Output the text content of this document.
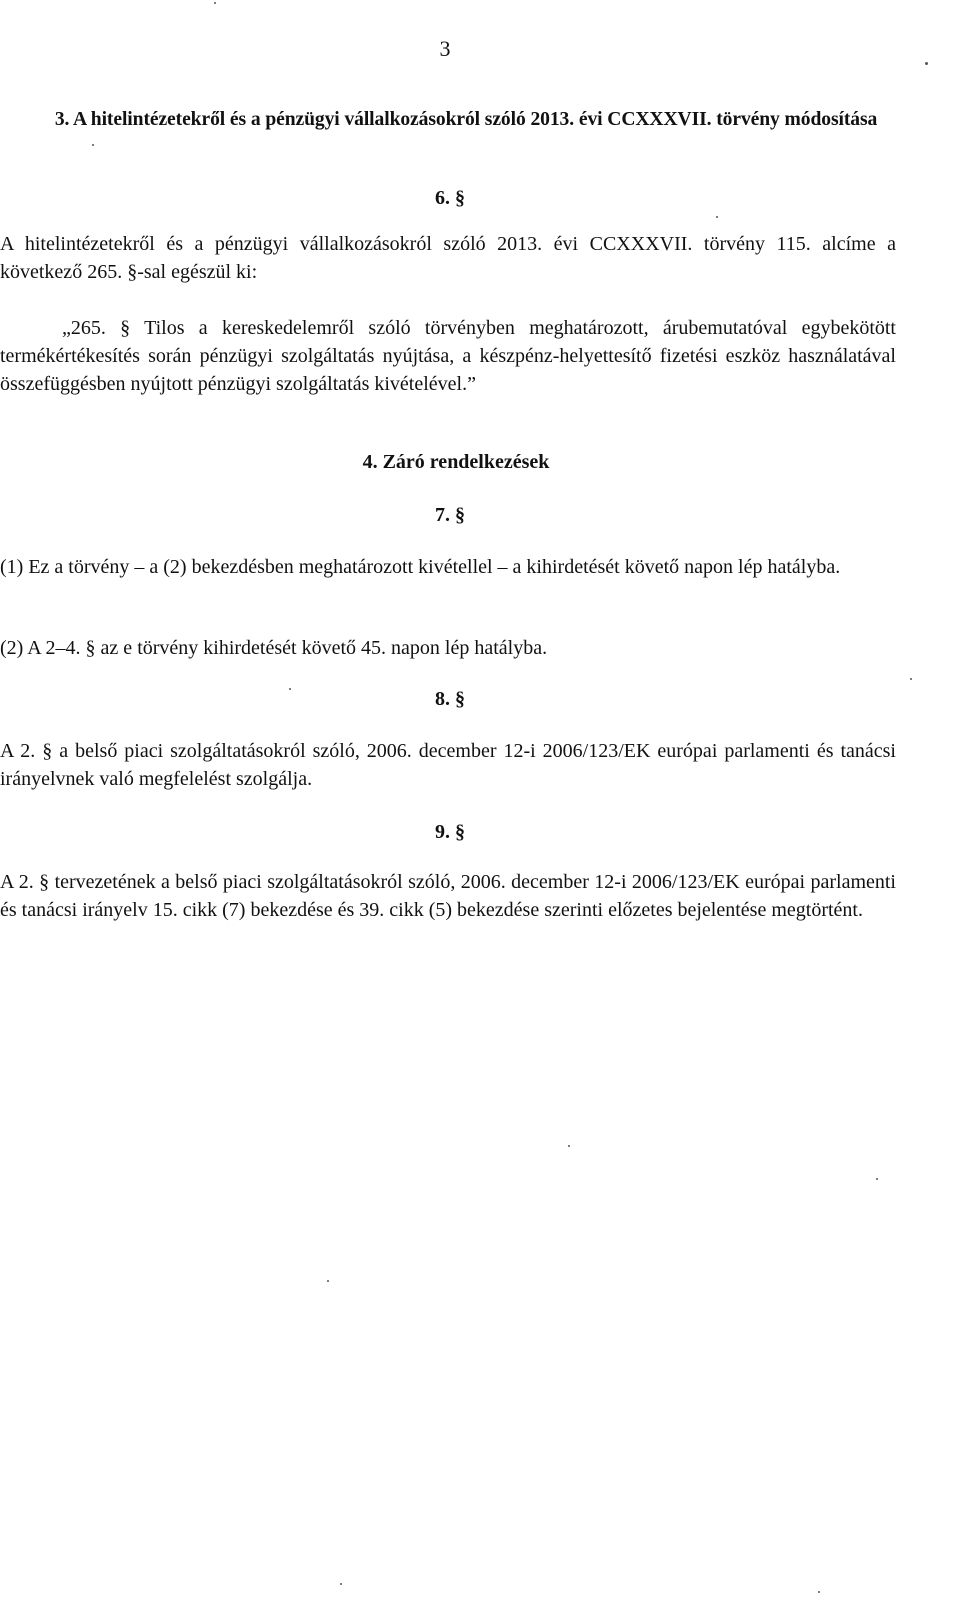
3
3. A hitelintézetekről és a pénzügyi vállalkozásokról szóló 2013. évi CCXXXVII. törvény módosítása
6. §
A hitelintézetekről és a pénzügyi vállalkozásokról szóló 2013. évi CCXXXVII. törvény 115. alcíme a következő 265. §-sal egészül ki:
„265. § Tilos a kereskedelemről szóló törvényben meghatározott, árubemutatóval egybekötött termékértékesítés során pénzügyi szolgáltatás nyújtása, a készpénz-helyettesítő fizetési eszköz használatával összefüggésben nyújtott pénzügyi szolgáltatás kivételével.”
4. Záró rendelkezések
7. §
(1) Ez a törvény – a (2) bekezdésben meghatározott kivétellel – a kihirdetését követő napon lép hatályba.
(2) A 2–4. § az e törvény kihirdetését követő 45. napon lép hatályba.
8. §
A 2. § a belső piaci szolgáltatásokról szóló, 2006. december 12-i 2006/123/EK európai parlamenti és tanácsi irányelvnek való megfelelést szolgálja.
9. §
A 2. § tervezetének a belső piaci szolgáltatásokról szóló, 2006. december 12-i 2006/123/EK európai parlamenti és tanácsi irányelv 15. cikk (7) bekezdése és 39. cikk (5) bekezdése szerinti előzetes bejelentése megtörtént.
